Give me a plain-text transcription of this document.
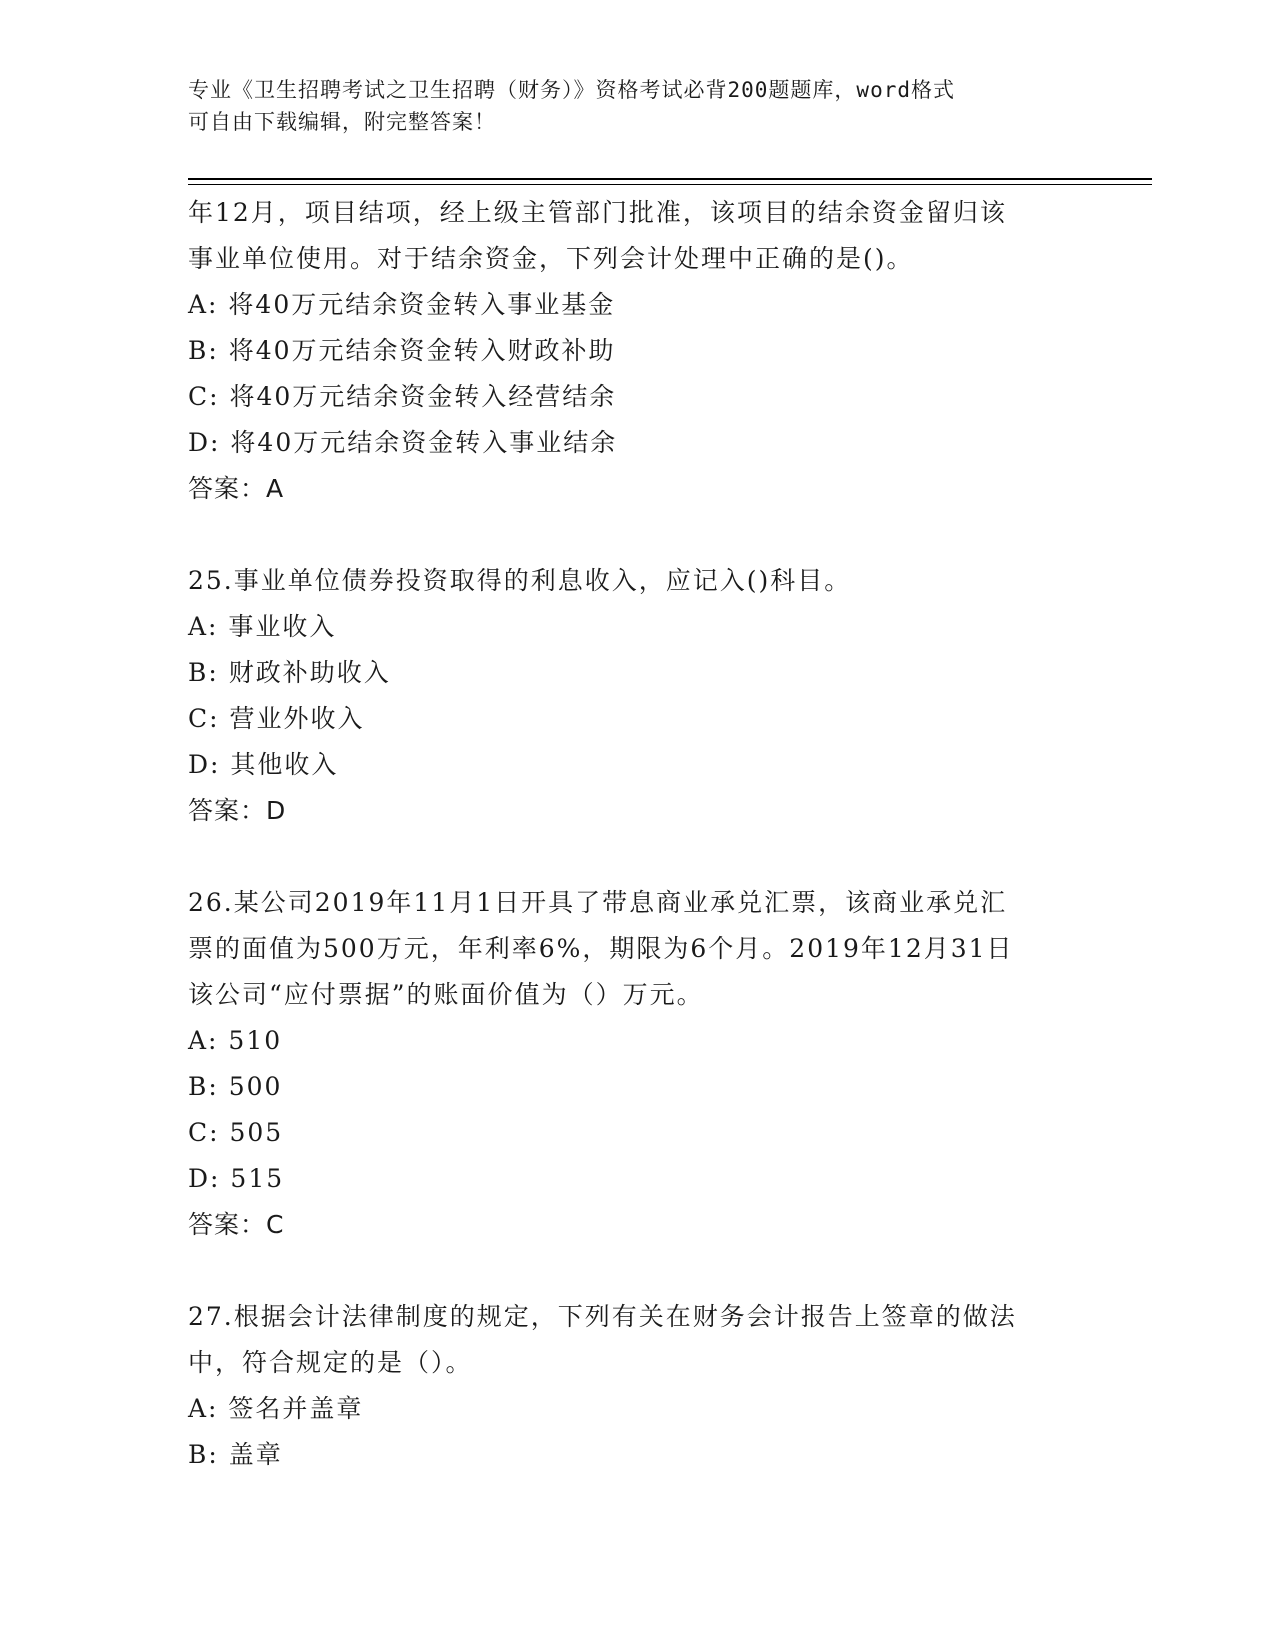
专业《卫生招聘考试之卫生招聘（财务）》资格考试必背200题题库，word格式
可自由下载编辑，附完整答案！
年12月，项目结项，经上级主管部门批准，该项目的结余资金留归该
事业单位使用。对于结余资金，下列会计处理中正确的是()。
A: 将40万元结余资金转入事业基金
B: 将40万元结余资金转入财政补助
C: 将40万元结余资金转入经营结余
D: 将40万元结余资金转入事业结余
答案：A
25.事业单位债券投资取得的利息收入，应记入()科目。
A: 事业收入
B: 财政补助收入
C: 营业外收入
D: 其他收入
答案：D
26.某公司2019年11月1日开具了带息商业承兑汇票，该商业承兑汇
票的面值为500万元，年利率6%，期限为6个月。2019年12月31日
该公司“应付票据”的账面价值为（）万元。
A: 510
B: 500
C: 505
D: 515
答案：C
27.根据会计法律制度的规定，下列有关在财务会计报告上签章的做法
中，符合规定的是（）。
A: 签名并盖章
B: 盖章
